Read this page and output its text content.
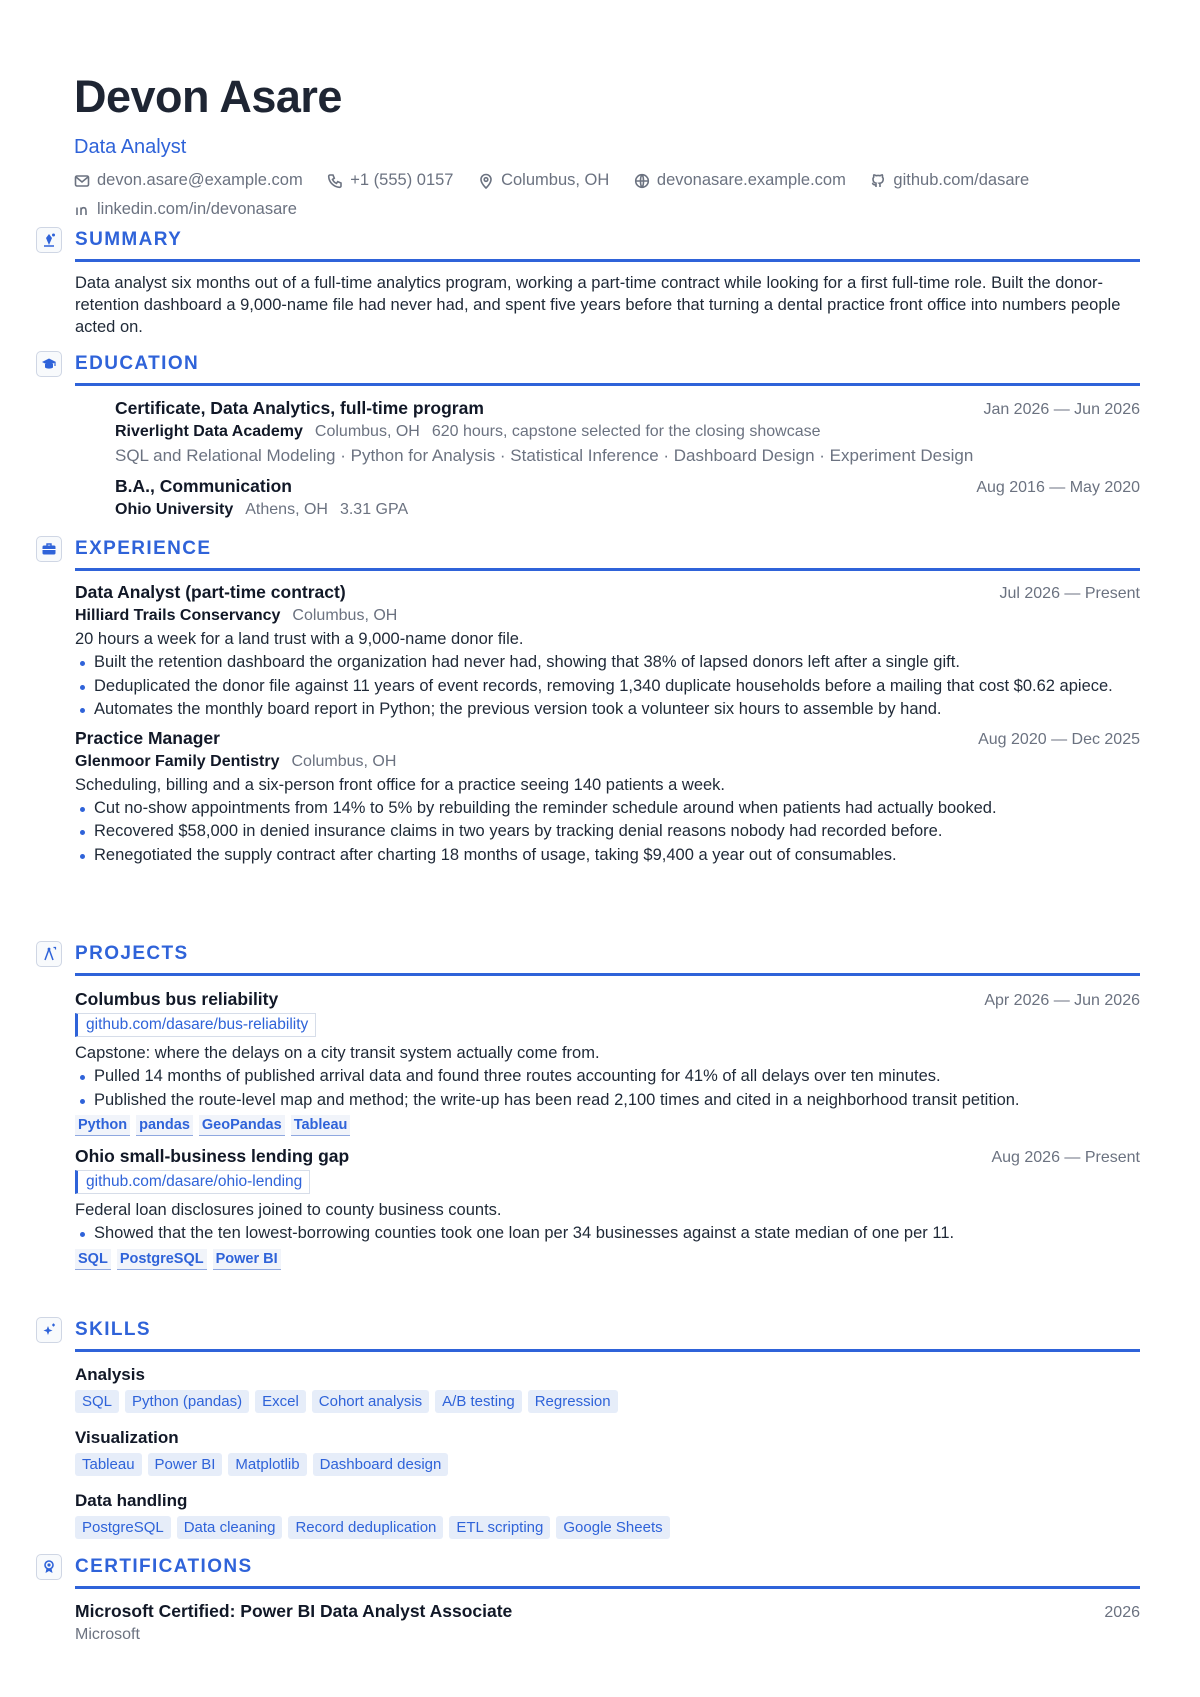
Devon Asare
Data Analyst
devon.asare@example.com
	+1 (555) 0157
	Columbus, OH
	devonasare.example.com
	github.com/dasare

linkedin.com/in/devonasare
SUMMARY
Data analyst six months out of a full-time analytics program, working a part-time contract while looking for a first full-time role. Built the donor-retention dashboard a 9,000-name file had never had, and spent five years before that turning a dental practice front office into numbers people acted on.
EDUCATION
Certificate, Data Analytics, full-time program	Jan 2026 — Jun 2026
Riverlight Data Academy Columbus, OH 620 hours, capstone selected for the closing showcase
SQL and Relational Modeling · Python for Analysis · Statistical Inference · Dashboard Design · Experiment Design
B.A., Communication	Aug 2016 — May 2020
Ohio University Athens, OH 3.31 GPA
EXPERIENCE
Data Analyst (part-time contract)	Jul 2026 — Present
Hilliard Trails Conservancy Columbus, OH
20 hours a week for a land trust with a 9,000-name donor file.
Built the retention dashboard the organization had never had, showing that 38% of lapsed donors left after a single gift.
Deduplicated the donor file against 11 years of event records, removing 1,340 duplicate households before a mailing that cost $0.62 apiece.
Automates the monthly board report in Python; the previous version took a volunteer six hours to assemble by hand.
Practice Manager	Aug 2020 — Dec 2025
Glenmoor Family Dentistry Columbus, OH
Scheduling, billing and a six-person front office for a practice seeing 140 patients a week.
Cut no-show appointments from 14% to 5% by rebuilding the reminder schedule around when patients had actually booked.
Recovered $58,000 in denied insurance claims in two years by tracking denial reasons nobody had recorded before.
Renegotiated the supply contract after charting 18 months of usage, taking $9,400 a year out of consumables.
PROJECTS
Columbus bus reliability	Apr 2026 — Jun 2026
github.com/dasare/bus-reliability
Capstone: where the delays on a city transit system actually come from.
Pulled 14 months of published arrival data and found three routes accounting for 41% of all delays over ten minutes.
Published the route-level map and method; the write-up has been read 2,100 times and cited in a neighborhood transit petition.
Python pandas GeoPandas Tableau
Ohio small-business lending gap	Aug 2026 — Present
github.com/dasare/ohio-lending
Federal loan disclosures joined to county business counts.
Showed that the ten lowest-borrowing counties took one loan per 34 businesses against a state median of one per 11.
SQL PostgreSQL Power BI
SKILLS
Analysis
SQL Python (pandas) Excel Cohort analysis A/B testing Regression
Visualization
Tableau Power BI Matplotlib Dashboard design
Data handling
PostgreSQL Data cleaning Record deduplication ETL scripting Google Sheets
CERTIFICATIONS
Microsoft Certified: Power BI Data Analyst Associate	2026
Microsoft
